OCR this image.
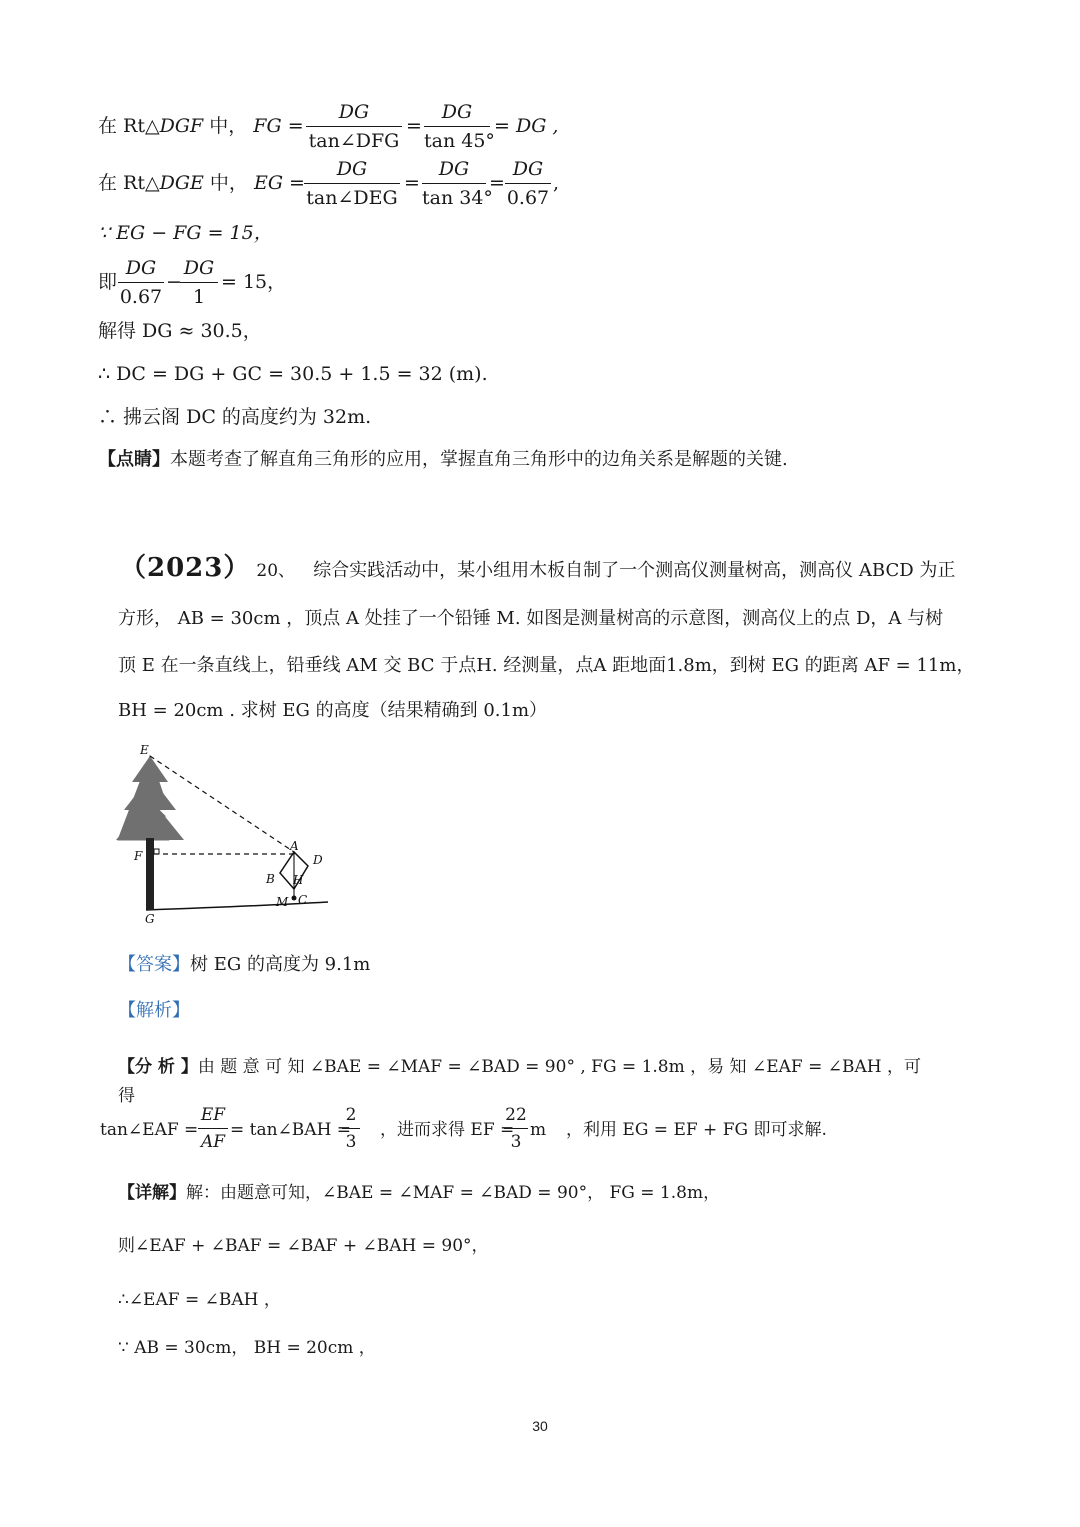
在 Rt△DGF 中， FG =
DG
tan∠DFG
=
DG
tan 45°
= DG ,
在 Rt△DGE 中， EG =
DG
tan∠DEG
=
DG
tan 34°
=
DG
0.67
,
∵ EG − FG = 15，
即
DG
0.67
−
DG
1
= 15，
解得 DG ≈ 30.5，
∴ DC = DG + GC = 30.5 + 1.5 = 32 (m).
∴ 拂云阁 DC 的高度约为 32m.
【点睛】本题考查了解直角三角形的应用，掌握直角三角形中的边角关系是解题的关键.
（2023） 20、 综合实践活动中，某小组用木板自制了一个测高仪测量树高，测高仪 ABCD 为正
方形， AB = 30cm ，顶点 A 处挂了一个铅锤 M. 如图是测量树高的示意图，测高仪上的点 D，A 与树
顶 E 在一条直线上，铅垂线 AM 交 BC 于点H. 经测量，点A 距地面1.8m，到树 EG 的距离 AF = 11m，
BH = 20cm . 求树 EG 的高度（结果精确到 0.1m）
E
F
G
A
D
B H
M C
【答案】树 EG 的高度为 9.1m
【解析】
【分 析 】由 题 意 可 知 ∠BAE = ∠MAF = ∠BAD = 90° , FG = 1.8m ，易 知 ∠EAF = ∠BAH ，可
得
tan∠EAF =
EF
AF
= tan∠BAH =
2
3
，进而求得 EF =
22
3
m ，利用 EG = EF + FG 即可求解.
【详解】解：由题意可知，∠BAE = ∠MAF = ∠BAD = 90°， FG = 1.8m，
则∠EAF + ∠BAF = ∠BAF + ∠BAH = 90°，
∴∠EAF = ∠BAH ，
∵ AB = 30cm， BH = 20cm ，
30
